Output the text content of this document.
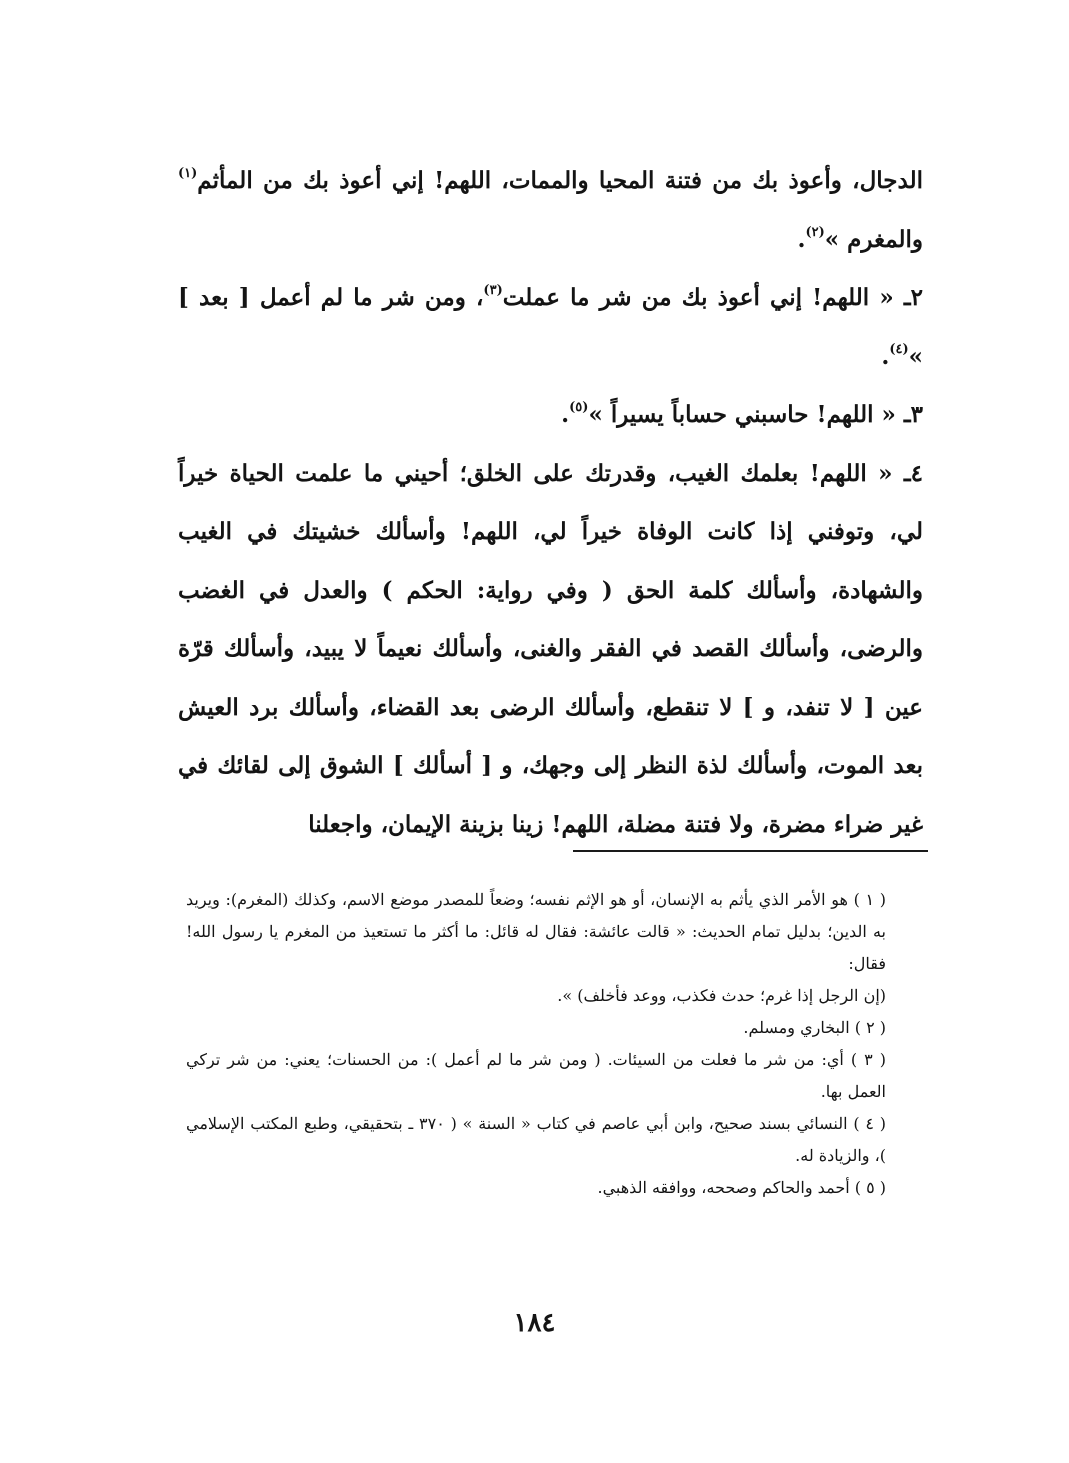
الدجال، وأعوذ بك من فتنة المحيا والممات، اللهم! إني أعوذ بك من المأثم$^{(١)}$ والمغرم »$^{(٢)}$.

٢ـ « اللهم! إني أعوذ بك من شر ما عملت$^{(٣)}$، ومن شر ما لم أعمل [ بعد ] »$^{(٤)}$.

٣ـ « اللهم! حاسبني حساباً يسيراً »$^{(٥)}$.

٤ـ « اللهم! بعلمك الغيب، وقدرتك على الخلق؛ أحيني ما علمت الحياة خيراً لي، وتوفني إذا كانت الوفاة خيراً لي، اللهم! وأسألك خشيتك في الغيب والشهادة، وأسألك كلمة الحق ( وفي رواية: الحكم ) والعدل في الغضب والرضى، وأسألك القصد في الفقر والغنى، وأسألك نعيماً لا يبيد، وأسألك قرّة عين [ لا تنفد، و ] لا تنقطع، وأسألك الرضى بعد القضاء، وأسألك برد العيش بعد الموت، وأسألك لذة النظر إلى وجهك، و [ أسألك ] الشوق إلى لقائك في غير ضراء مضرة، ولا فتنة مضلة، اللهم! زينا بزينة الإيمان، واجعلنا

( ١ ) هو الأمر الذي يأثم به الإنسان، أو هو الإثم نفسه؛ وضعاً للمصدر موضع الاسم، وكذلك (المغرم): ويريد به الدين؛ بدليل تمام الحديث: « قالت عائشة: فقال له قائل: ما أكثر ما تستعيذ من المغرم يا رسول الله! فقال:

(إن الرجل إذا غرم؛ حدث فكذب، ووعد فأخلف) ».

( ٢ ) البخاري ومسلم.

( ٣ ) أي: من شر ما فعلت من السيئات. ( ومن شر ما لم أعمل ): من الحسنات؛ يعني: من شر تركي العمل بها.

( ٤ ) النسائي بسند صحيح، وابن أبي عاصم في كتاب « السنة » ( ٣٧٠ ـ بتحقيقي، وطبع المكتب الإسلامي )، والزيادة له.

( ٥ ) أحمد والحاكم وصححه، ووافقه الذهبي.

١٨٤
